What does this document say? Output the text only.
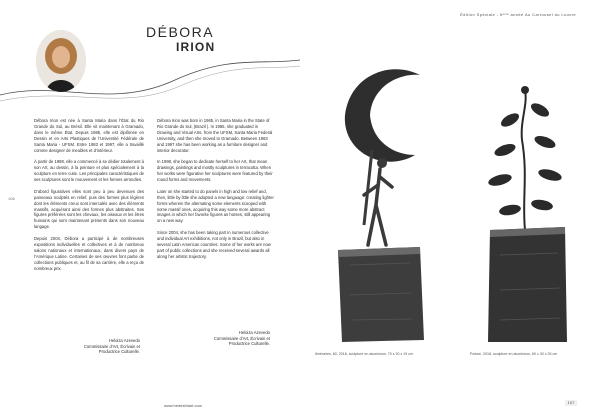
DÉBORA
IRION
Édition Spéciale - 5ᵉᵐᵉ année Au Carrousel du Louvre
106

Débora Irion est née à Santa Maria dans l’État du Rio Grande do Sul, au Brésil. Elle vit maintenant à Gramado, dans le même État. Depuis 1985, elle est diplômée en Dessin et en Arts Plastiques de l’Université Fédérale de Santa Maria - UFSM. Entre 1983 et 1997, elle a travaillé comme designer de meubles et d’intérieur.

À partir de 1998, elle a commencé à se dédier totalement à son Art, au dessin, à la peinture et plus spécialement à la sculpture en terre cuite. Les principales caractéristiques de ses sculptures sont le mouvement et les formes arrondies.

D’abord figuratives elles sont peu à peu devenues des panneaux sculptés en relief, puis des formes plus légères dont les éléments creux sont intercalés avec des éléments massifs, acquérant ainsi des formes plus abstraites. Ses figures préférées sont les chevaux, les oiseaux et les êtres humains qui sont maintenant présents dans son nouveau langage.

Depuis 2004, Débora a participé à de nombreuses expositions individuelles et collectives et à de nombreux salons nationaux et internationaux, dans divers pays de l’Amérique Latine. Certaines de ses œuvres font partie de collections publiques et, au fil de sa carrière, elle a reçu de nombreux prix.

Débora Irion was born in 1965, in Santa Maria in the State of Rio Grande do Sul, (Brazil ). In 1985, she graduated in Drawing and Visual Arts, from the UFSM, Santa Maria Federal University, and then she moved to Gramado. Between 1983 and 1997 she has been working as a furniture designer and interior decorator.

In 1998, she began to dedicate herself to her Art, that mean drawings, paintings and mostly sculptures in terracotta. When her works were figurative her sculptures were featured by their round forms and movements.

Later on she started to do panels in high and low relief and, then, little by little she adopted a new language: creating lighter forms wherein the alternating some elements scooped with some massif ones, acquiring this way some more abstract images in which her favorite figures as horses, still appearing on a new way.

Since 2004, she has been taking part in numerous collective and individual Art exhibitions, not only in Brazil, but also in several Latin American countries. Some of her works are now part of public collections and she received several awards all along her artistic trajectory.

Heloiza Azevedo
Commissaire d’Art, Écrivain et
Productrice Culturelle.
Heloiza Azevedo
Commissaire d’Art, Écrivain et
Productrice Culturelle.
Itinéraires, 60, 2018, sculpture en aluminium, 70 x 20 x 19 cm	Poésie, 2018, sculpture en aluminium, 60 x 30 x 25 cm
www.hedesthiart.com
107
